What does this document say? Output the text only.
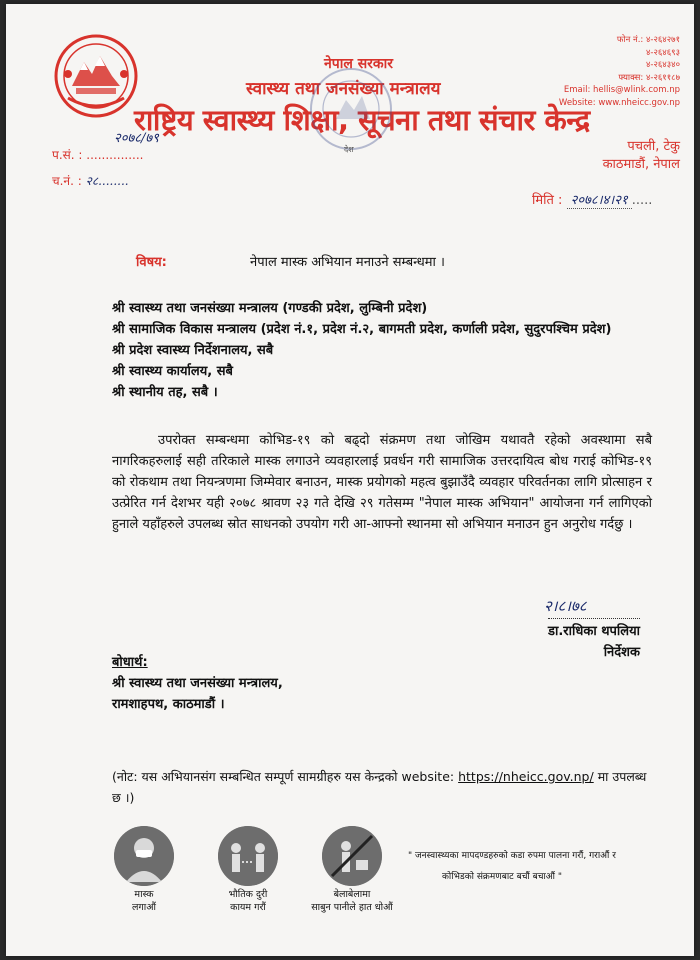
नेपाल सरकार
स्वास्थ्य तथा जनसंख्या मन्त्रालय
राष्ट्रिय स्वास्थ्य शिक्षा, सूचना तथा संचार केन्द्र
देश
फोन नं.: ४-२६४२७१
४-२६४६९३
४-२६४३४०
फ्याक्स: ४-२६११८७
Email: hellis@wlink.com.np
Website: www.nheicc.gov.np
पचली, टेकु
काठमाडौं, नेपाल
२०७८/७९
प.सं. : ...............
च.नं. : २८........
मिति : २०७८।४।२१ .....
विषय:	नेपाल मास्क अभियान मनाउने सम्बन्धमा ।
श्री स्वास्थ्य तथा जनसंख्या मन्त्रालय (गण्डकी प्रदेश, लुम्बिनी प्रदेश)
श्री सामाजिक विकास मन्त्रालय (प्रदेश नं.१, प्रदेश नं.२, बागमती प्रदेश, कर्णाली प्रदेश, सुदुरपश्चिम प्रदेश)
श्री प्रदेश स्वास्थ्य निर्देशनालय, सबै
श्री स्वास्थ्य कार्यालय, सबै
श्री स्थानीय तह, सबै ।
उपरोक्त सम्बन्धमा कोभिड-१९ को बढ्दो संक्रमण तथा जोखिम यथावतै रहेको अवस्थामा सबै नागरिकहरुलाई सही तरिकाले मास्क लगाउने व्यवहारलाई प्रवर्धन गरी सामाजिक उत्तरदायित्व बोध गराई कोभिड-१९ को रोकथाम तथा नियन्त्रणमा जिम्मेवार बनाउन, मास्क प्रयोगको महत्व बुझाउँदै व्यवहार परिवर्तनका लागि प्रोत्साहन र उत्प्रेरित गर्न देशभर यही २०७८ श्रावण २३ गते देखि २९ गतेसम्म "नेपाल मास्क अभियान" आयोजना गर्न लागिएको हुनाले यहाँहरुले उपलब्ध स्रोत साधनको उपयोग गरी आ-आफ्नो स्थानमा सो अभियान मनाउन हुन अनुरोध गर्दछु ।
२।८।७८
डा.राधिका थपलिया
निर्देशक
बोधार्थ:
श्री स्वास्थ्य तथा जनसंख्या मन्त्रालय,
रामशाहपथ, काठमाडौं ।
(नोट: यस अभियानसंग सम्बन्धित सम्पूर्ण सामग्रीहरु यस केन्द्रको website: https://nheicc.gov.np/ मा उपलब्ध छ ।)
मास्क
लगाऔं
भौतिक दुरी
कायम गरौं
बेलाबेलामा
साबुन पानीले हात धोऔं
" जनस्वास्थ्यका मापदण्डहरुको कडा रुपमा पालना गरौं, गराऔं र
कोभिडको संक्रमणबाट बचौं बचाऔं "
